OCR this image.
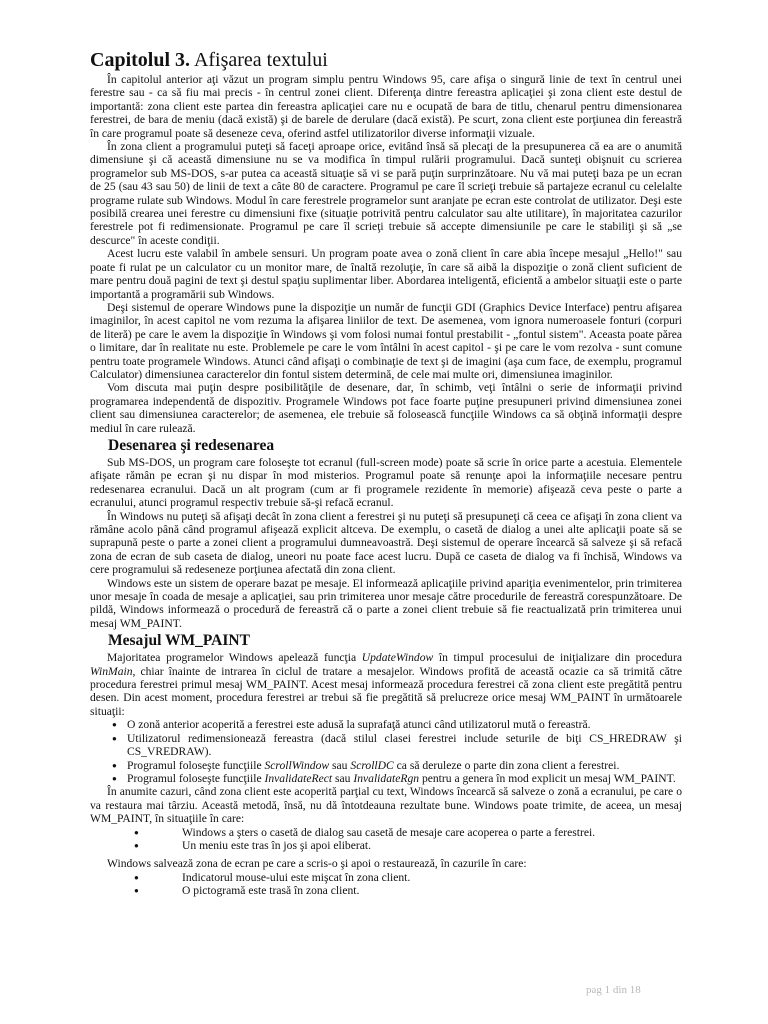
Capitolul 3. Afişarea textului

În capitolul anterior aţi văzut un program simplu pentru Windows 95, care afişa o singură linie de text în centrul unei ferestre sau - ca să fiu mai precis - în centrul zonei client. Diferenţa dintre fereastra aplicaţiei şi zona client este destul de importantă: zona client este partea din fereastra aplicaţiei care nu e ocupată de bara de titlu, chenarul pentru dimensionarea ferestrei, de bara de meniu (dacă există) şi de barele de derulare (dacă există). Pe scurt, zona client este porţiunea din fereastră în care programul poate să deseneze ceva, oferind astfel utilizatorilor diverse informaţii vizuale.

În zona client a programului puteţi să faceţi aproape orice, evitând însă să plecaţi de la presupunerea că ea are o anumită dimensiune şi că această dimensiune nu se va modifica în timpul rulării programului. Dacă sunteţi obişnuit cu scrierea programelor sub MS-DOS, s-ar putea ca această situaţie să vi se pară puţin surprinzătoare. Nu vă mai puteţi baza pe un ecran de 25 (sau 43 sau 50) de linii de text a câte 80 de caractere. Programul pe care îl scrieţi trebuie să partajeze ecranul cu celelalte programe rulate sub Windows. Modul în care ferestrele programelor sunt aranjate pe ecran este controlat de utilizator. Deşi este posibilă crearea unei ferestre cu dimensiuni fixe (situaţie potrivită pentru calculator sau alte utilitare), în majoritatea cazurilor ferestrele pot fi redimensionate. Programul pe care îl scrieţi trebuie să accepte dimensiunile pe care le stabiliţi şi să „se descurce" în aceste condiţii.

Acest lucru este valabil în ambele sensuri. Un program poate avea o zonă client în care abia începe mesajul „Hello!" sau poate fi rulat pe un calculator cu un monitor mare, de înaltă rezoluţie, în care să aibă la dispoziţie o zonă client suficient de mare pentru două pagini de text şi destul spaţiu suplimentar liber. Abordarea inteligentă, eficientă a ambelor situaţii este o parte importantă a programării sub Windows.

Deşi sistemul de operare Windows pune la dispoziţie un număr de funcţii GDI (Graphics Device Interface) pentru afişarea imaginilor, în acest capitol ne vom rezuma la afişarea liniilor de text. De asemenea, vom ignora numeroasele fonturi (corpuri de literă) pe care le avem la dispoziţie în Windows şi vom folosi numai fontul prestabilit - „fontul sistem". Aceasta poate părea o limitare, dar în realitate nu este. Problemele pe care le vom întâlni în acest capitol - şi pe care le vom rezolva - sunt comune pentru toate programele Windows. Atunci când afişaţi o combinaţie de text şi de imagini (aşa cum face, de exemplu, programul Calculator) dimensiunea caracterelor din fontul sistem determină, de cele mai multe ori, dimensiunea imaginilor.

Vom discuta mai puţin despre posibilităţile de desenare, dar, în schimb, veţi întâlni o serie de informaţii privind programarea independentă de dispozitiv. Programele Windows pot face foarte puţine presupuneri privind dimensiunea zonei client sau dimensiunea caracterelor; de asemenea, ele trebuie să folosească funcţiile Windows ca să obţină informaţii despre mediul în care rulează.

Desenarea şi redesenarea

Sub MS-DOS, un program care foloseşte tot ecranul (full-screen mode) poate să scrie în orice parte a acestuia. Elementele afişate rămân pe ecran şi nu dispar în mod misterios. Programul poate să renunţe apoi la informaţiile necesare pentru redesenarea ecranului. Dacă un alt program (cum ar fi programele rezidente în memorie) afişează ceva peste o parte a ecranului, atunci programul respectiv trebuie să-şi refacă ecranul.

În Windows nu puteţi să afişaţi decât în zona client a ferestrei şi nu puteţi să presupuneţi că ceea ce afişaţi în zona client va rămâne acolo până când programul afişează explicit altceva. De exemplu, o casetă de dialog a unei alte aplicaţii poate să se suprapună peste o parte a zonei client a programului dumneavoastră. Deşi sistemul de operare încearcă să salveze şi să refacă zona de ecran de sub caseta de dialog, uneori nu poate face acest lucru. După ce caseta de dialog va fi închisă, Windows va cere programului să redeseneze porţiunea afectată din zona client.

Windows este un sistem de operare bazat pe mesaje. El informează aplicaţiile privind apariţia evenimentelor, prin trimiterea unor mesaje în coada de mesaje a aplicaţiei, sau prin trimiterea unor mesaje către procedurile de fereastră corespunzătoare. De pildă, Windows informează o procedură de fereastră că o parte a zonei client trebuie să fie reactualizată prin trimiterea unui mesaj WM_PAINT.

Mesajul WM_PAINT

Majoritatea programelor Windows apelează funcţia UpdateWindow în timpul procesului de iniţializare din procedura WinMain, chiar înainte de intrarea în ciclul de tratare a mesajelor. Windows profită de această ocazie ca să trimită către procedura ferestrei primul mesaj WM_PAINT. Acest mesaj informează procedura ferestrei că zona client este pregătită pentru desen. Din acest moment, procedura ferestrei ar trebui să fie pregătită să prelucreze orice mesaj WM_PAINT în următoarele situaţii:

● O zonă anterior acoperită a ferestrei este adusă la suprafaţă atunci când utilizatorul mută o fereastră.
● Utilizatorul redimensionează fereastra (dacă stilul clasei ferestrei include seturile de biţi CS_HREDRAW şi CS_VREDRAW).
● Programul foloseşte funcţiile ScrollWindow sau ScrollDC ca să deruleze o parte din zona client a ferestrei.
● Programul foloseşte funcţiile InvalidateRect sau InvalidateRgn pentru a genera în mod explicit un mesaj WM_PAINT.

În anumite cazuri, când zona client este acoperită parţial cu text, Windows încearcă să salveze o zonă a ecranului, pe care o va restaura mai târziu. Această metodă, însă, nu dă întotdeauna rezultate bune. Windows poate trimite, de aceea, un mesaj WM_PAINT, în situaţiile în care:

● Windows a şters o casetă de dialog sau casetă de mesaje care acoperea o parte a ferestrei.
● Un meniu este tras în jos şi apoi eliberat.

Windows salvează zona de ecran pe care a scris-o şi apoi o restaurează, în cazurile în care:

● Indicatorul mouse-ului este mişcat în zona client.
● O pictogramă este trasă în zona client.
pag 1 din 18
